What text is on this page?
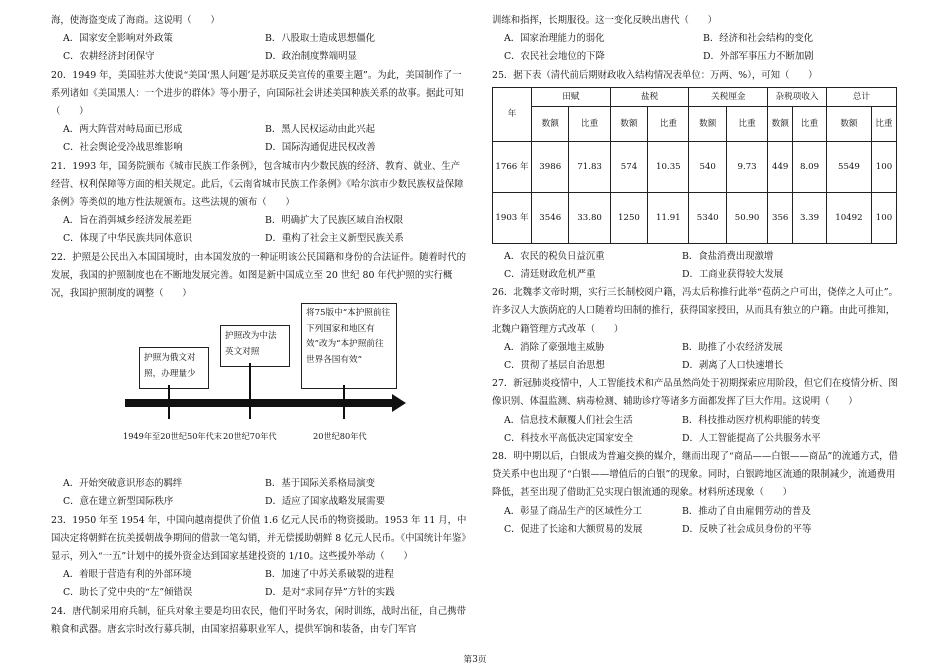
海，使海盗变成了海商。这说明（　　）

A．国家安全影响对外政策	B．八股取士造成思想僵化
C．农耕经济封闭保守	D．政治制度弊端明显

20．1949 年，美国驻苏大使说“美国‘黑人问题’是苏联反美宣传的重要主题”。为此，美国制作了一系列诸如《美国黑人：一个进步的群体》等小册子，向国际社会讲述美国种族关系的故事。据此可知（　　）

A．两大阵营对峙局面已形成	B．黑人民权运动由此兴起
C．社会舆论受冷战思维影响	D．国际沟通促进民权改善

21．1993 年，国务院颁布《城市民族工作条例》，包含城市内少数民族的经济、教育、就业、生产经营、权利保障等方面的相关规定。此后，《云南省城市民族工作条例》《哈尔滨市少数民族权益保障条例》等类似的地方性法规颁布。这些法规的颁布（　　）

A．旨在消弭城乡经济发展差距	B．明确扩大了民族区域自治权限
C．体现了中华民族共同体意识	D．重构了社会主义新型民族关系

22．护照是公民出入本国国境时，由本国发放的一种证明该公民国籍和身份的合法证件。随着时代的发展，我国的护照制度也在不断地发展完善。如图是新中国成立至 20 世纪 80 年代护照的实行概况，我国护照制度的调整（　　）

护照为俄文对照，办理量少
护照改为中法英文对照
将75版中“本护照前往下列国家和地区有效”改为“本护照前往世界各国有效”
1949年至20世纪50年代末 20世纪70年代	20世纪80年代
A．开始突破意识形态的羁绊	B．基于国际关系格局演变
C．意在建立新型国际秩序	D．适应了国家战略发展需要

23．1950 年至 1954 年，中国向越南提供了价值 1.6 亿元人民币的物资援助。1953 年 11 月，中国决定将朝鲜在抗美援朝战争期间的借款一笔勾销，并无偿援助朝鲜 8 亿元人民币。《中国统计年鉴》显示，列入“一五”计划中的援外资金达到国家基建投资的 1/10。这些援外举动（　　）

A．着眼于营造有利的外部环境	B．加速了中苏关系破裂的进程
C．助长了党中央的“左”倾错误	D．是对“求同存异”方针的实践

24．唐代制采用府兵制，征兵对象主要是均田农民，他们平时务农，闲时训练，战时出征，自己携带粮食和武器。唐玄宗时改行募兵制，由国家招募职业军人，提供军饷和装备，由专门军官

训练和指挥，长期服役。这一变化反映出唐代（　　）

A．国家治理能力的弱化	B．经济和社会结构的变化
C．农民社会地位的下降	D．外部军事压力不断加剧

25．据下表（清代前后期财政收入结构情况表单位：万两、%），可知（　　）

年	田赋		盐税		关税厘金		杂税项收入		总计	
	数额	比重	数额	比重	数额	比重	数额	比重	数额	比重
1766 年	3986	71.83	574	10.35	540	9.73	449	8.09	5549	100
1903 年	3546	33.80	1250	11.91	5340	50.90	356	3.39	10492	100
A．农民的税负日益沉重	B．食盐消费出现激增
C．清廷财政危机严重	D．工商业获得较大发展

26．北魏孝文帝时期，实行三长制校阅户籍，冯太后称推行此举“苞荫之户可出，侥倖之人可止”。许多汉人大族荫庇的人口随着均田制的推行，获得国家授田，从而具有独立的户籍。由此可推知，北魏户籍管理方式改革（　　）

A．消除了豪强地主威胁	B．助推了小农经济发展
C．贯彻了基层自治思想	D．剥离了人口快速增长

27．新冠肺炎疫情中，人工智能技术和产品虽然尚处于初期探索应用阶段，但它们在疫情分析、图像识别、体温监测、病毒检测、辅助诊疗等诸多方面都发挥了巨大作用。这说明（　　）

A．信息技术颠覆人们社会生活	B．科技推动医疗机构职能的转变
C．科技水平高低决定国家安全	D．人工智能提高了公共服务水平

28．明中期以后，白银成为普遍交换的媒介，继而出现了“商品——白银——商品”的流通方式，借贷关系中也出现了“白银——增值后的白银”的现象。同时，白银跨地区流通的限制减少，流通费用降低，甚至出现了借助汇兑实现白银流通的现象。材料所述现象（　　）

A．彰显了商品生产的区域性分工	B．推动了自由雇佣劳动的普及
C．促进了长途和大额贸易的发展	D．反映了社会成员身份的平等
第3页
